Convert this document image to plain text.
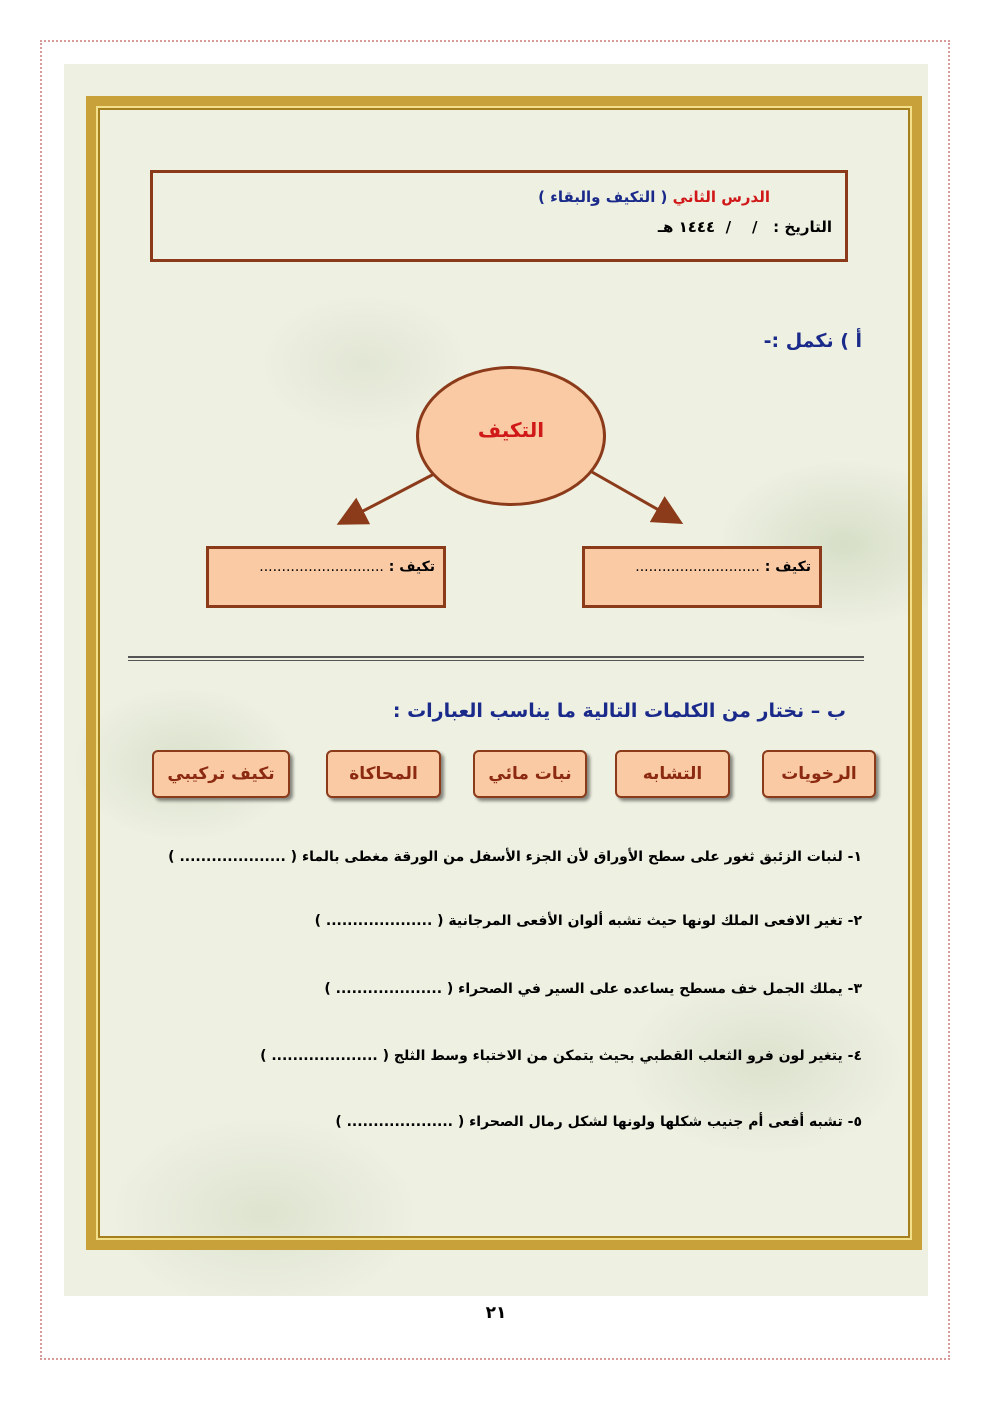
الدرس الثاني ( التكيف والبقاء )
التاريخ :   /    /  ١٤٤٤ هـ
أ ) نكمل :-
التكيف
تكيف : ............................
تكيف : ............................
ب – نختار من الكلمات التالية ما يناسب العبارات :
الرخويات
التشابه
نبات مائي
المحاكاة
تكيف تركيبي
١- لنبات الزئبق ثغور على سطح الأوراق لأن الجزء الأسفل من الورقة مغطى بالماء ( .................... )
٢- تغير الافعى الملك لونها حيث تشبه ألوان الأفعى المرجانية ( .................... )
٣- يملك الجمل خف مسطح يساعده على السير في الصحراء ( .................... )
٤- يتغير لون فرو الثعلب القطبي بحيث يتمكن من الاختباء وسط الثلج ( .................... )
٥- تشبه أفعى أم جنيب شكلها ولونها لشكل رمال الصحراء ( .................... )
٢١
